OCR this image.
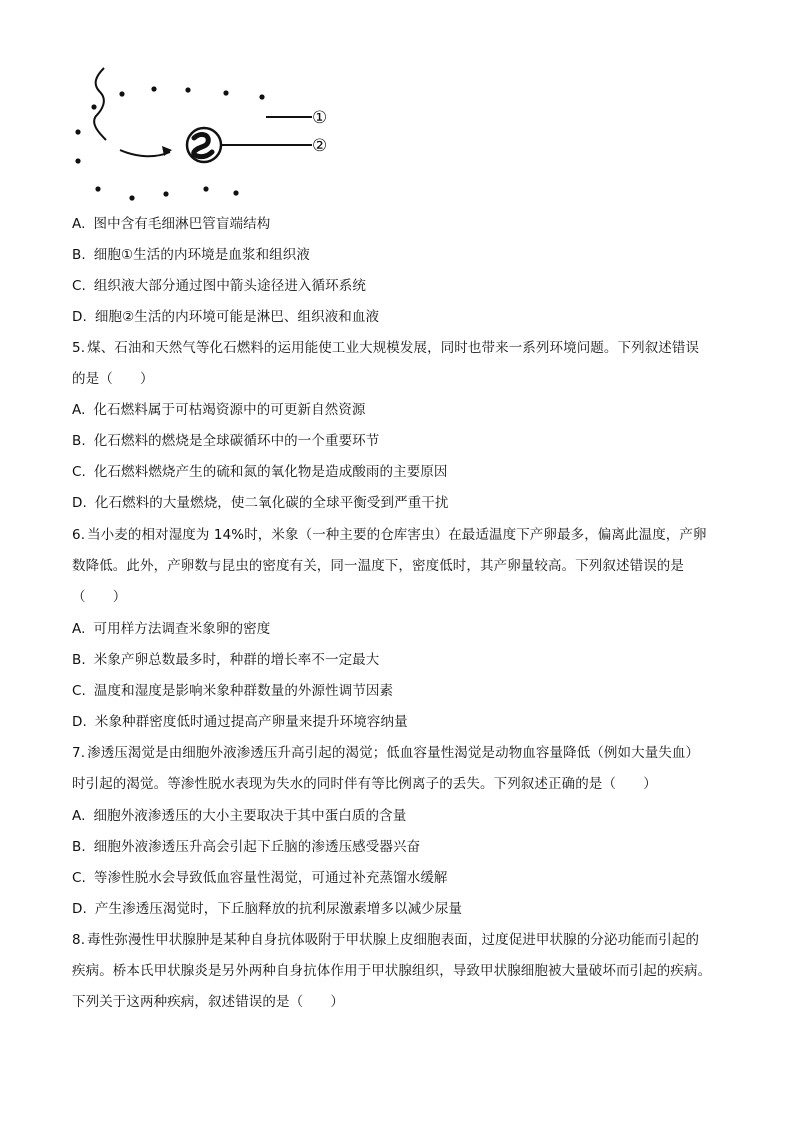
①
②
A. 图中含有毛细淋巴管盲端结构
B. 细胞①生活的内环境是血浆和组织液
C. 组织液大部分通过图中箭头途径进入循环系统
D. 细胞②生活的内环境可能是淋巴、组织液和血液
5. 煤、石油和天然气等化石燃料的运用能使工业大规模发展，同时也带来一系列环境问题。下列叙述错误
的是（　　）
A. 化石燃料属于可枯竭资源中的可更新自然资源
B. 化石燃料的燃烧是全球碳循环中的一个重要环节
C. 化石燃料燃烧产生的硫和氮的氧化物是造成酸雨的主要原因
D. 化石燃料的大量燃烧，使二氧化碳的全球平衡受到严重干扰
6. 当小麦的相对湿度为 14%时，米象（一种主要的仓库害虫）在最适温度下产卵最多，偏离此温度，产卵
数降低。此外，产卵数与昆虫的密度有关，同一温度下，密度低时，其产卵量较高。下列叙述错误的是
（　　）
A. 可用样方法调查米象卵的密度
B. 米象产卵总数最多时，种群的增长率不一定最大
C. 温度和湿度是影响米象种群数量的外源性调节因素
D. 米象种群密度低时通过提高产卵量来提升环境容纳量
7. 渗透压渴觉是由细胞外液渗透压升高引起的渴觉；低血容量性渴觉是动物血容量降低（例如大量失血）
时引起的渴觉。等渗性脱水表现为失水的同时伴有等比例离子的丢失。下列叙述正确的是（　　）
A. 细胞外液渗透压的大小主要取决于其中蛋白质的含量
B. 细胞外液渗透压升高会引起下丘脑的渗透压感受器兴奋
C. 等渗性脱水会导致低血容量性渴觉，可通过补充蒸馏水缓解
D. 产生渗透压渴觉时，下丘脑释放的抗利尿激素增多以减少尿量
8. 毒性弥漫性甲状腺肿是某种自身抗体吸附于甲状腺上皮细胞表面，过度促进甲状腺的分泌功能而引起的
疾病。桥本氏甲状腺炎是另外两种自身抗体作用于甲状腺组织，导致甲状腺细胞被大量破坏而引起的疾病。
下列关于这两种疾病，叙述错误的是（　　）
